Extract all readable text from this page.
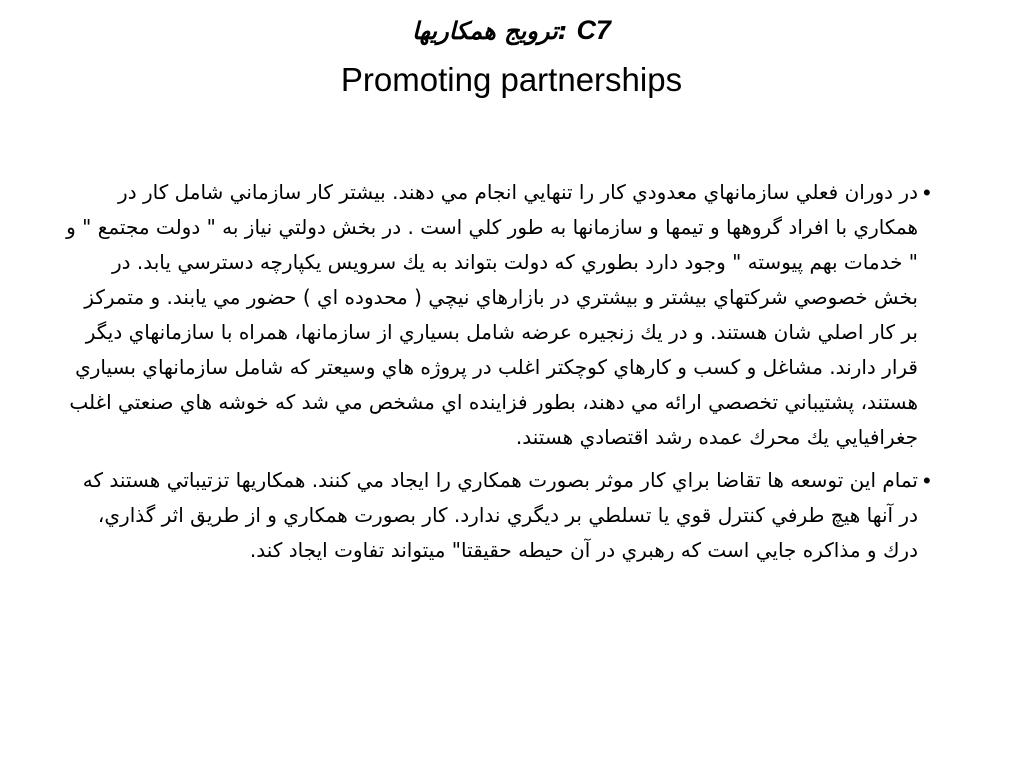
ترويج همكاريها: C7
Promoting partnerships
در دوران فعلي سازمانهاي معدودي كار را تنهايي انجام مي دهند. بيشتر كار سازماني شامل كار در همكاري با افراد گروهها و تيمها و سازمانها به طور كلي است . در بخش دولتي نياز به " دولت مجتمع " و " خدمات بهم پيوسته " وجود دارد بطوري كه دولت بتواند به يك سرويس يكپارچه دسترسي يابد. در بخش خصوصي شركتهاي بيشتر و بيشتري در بازارهاي نيچي ( محدوده اي ) حضور مي يابند. و متمركز بر كار اصلي شان هستند. و در يك زنجيره عرضه شامل بسياري از سازمانها، همراه با سازمانهاي ديگر قرار دارند. مشاغل و كسب و كارهاي كوچكتر اغلب در پروژه هاي وسيعتر كه شامل سازمانهاي بسياري هستند، پشتيباني تخصصي ارائه مي دهند، بطور فزاينده اي مشخص مي شد كه خوشه هاي صنعتي اغلب جغرافيايي يك محرك عمده رشد اقتصادي هستند.
•
تمام اين توسعه ها تقاضا براي كار موثر بصورت همكاري را ايجاد مي كنند. همكاريها تزتيباتي هستند كه در آنها هيچ طرفي كنترل قوي يا تسلطي بر ديگري ندارد. كار بصورت همكاري و از طريق اثر گذاري، درك و مذاكره جايي است كه رهبري در آن حيطه حقيقتا" ميتواند تفاوت ايجاد كند.
•
